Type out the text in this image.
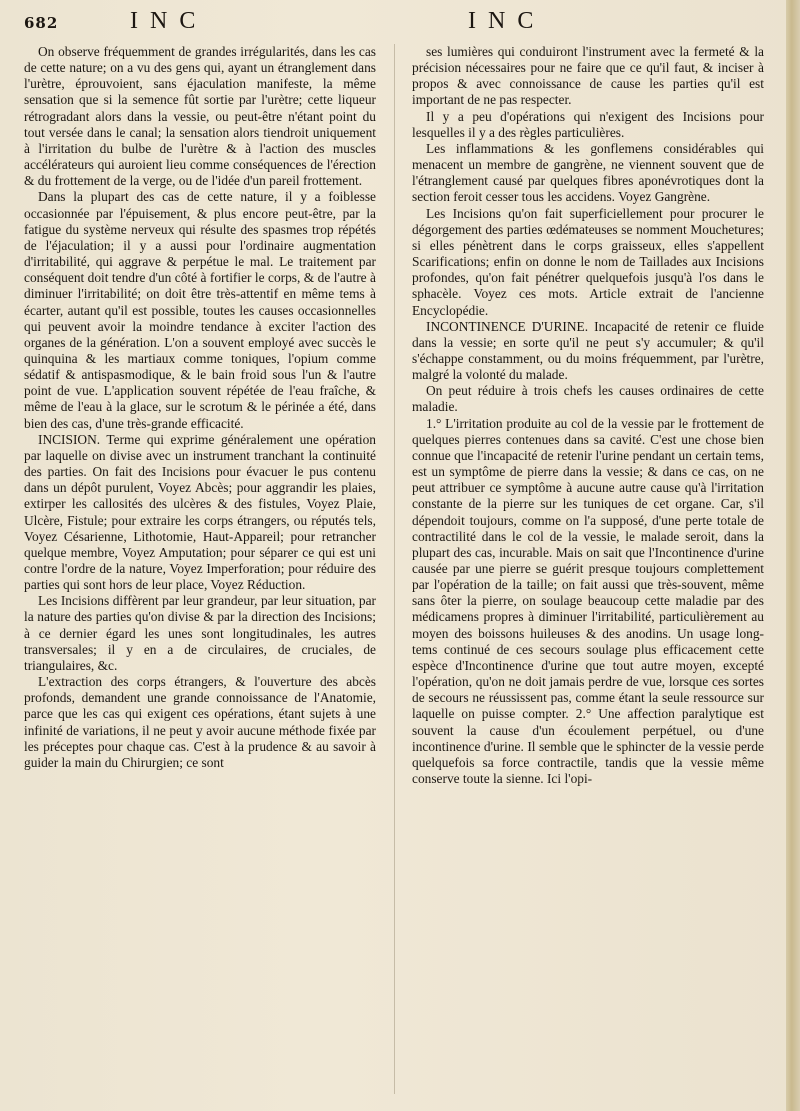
682	I N C	I N C

On observe fréquemment de grandes irrégularités, dans les cas de cette nature; on a vu des gens qui, ayant un étranglement dans l'urètre, éprouvoient, sans éjaculation manifeste, la même sensation que si la semence fût sortie par l'urètre; cette liqueur rétrogradant alors dans la vessie, ou peut-être n'étant point du tout versée dans le canal; la sensation alors tiendroit uniquement à l'irritation du bulbe de l'urètre & à l'action des muscles accélérateurs qui auroient lieu comme conséquences de l'érection & du frottement de la verge, ou de l'idée d'un pareil frottement.

Dans la plupart des cas de cette nature, il y a foiblesse occasionnée par l'épuisement, & plus encore peut-être, par la fatigue du système nerveux qui résulte des spasmes trop répétés de l'éjaculation; il y a aussi pour l'ordinaire augmentation d'irritabilité, qui aggrave & perpétue le mal. Le traitement par conséquent doit tendre d'un côté à fortifier le corps, & de l'autre à diminuer l'irritabilité; on doit être très-attentif en même tems à écarter, autant qu'il est possible, toutes les causes occasionnelles qui peuvent avoir la moindre tendance à exciter l'action des organes de la génération. L'on a souvent employé avec succès le quinquina & les martiaux comme toniques, l'opium comme sédatif & antispasmodique, & le bain froid sous l'un & l'autre point de vue. L'application souvent répétée de l'eau fraîche, & même de l'eau à la glace, sur le scrotum & le périnée a été, dans bien des cas, d'une très-grande efficacité.

INCISION. Terme qui exprime généralement une opération par laquelle on divise avec un instrument tranchant la continuité des parties. On fait des Incisions pour évacuer le pus contenu dans un dépôt purulent, Voyez Abcès; pour aggrandir les plaies, extirper les callosités des ulcères & des fistules, Voyez Plaie, Ulcère, Fistule; pour extraire les corps étrangers, ou réputés tels, Voyez Césarienne, Lithotomie, Haut-Appareil; pour retrancher quelque membre, Voyez Amputation; pour séparer ce qui est uni contre l'ordre de la nature, Voyez Imperforation; pour réduire des parties qui sont hors de leur place, Voyez Réduction.

Les Incisions diffèrent par leur grandeur, par leur situation, par la nature des parties qu'on divise & par la direction des Incisions; à ce dernier égard les unes sont longitudinales, les autres transversales; il y en a de circulaires, de cruciales, de triangulaires, &c.

L'extraction des corps étrangers, & l'ouverture des abcès profonds, demandent une grande connoissance de l'Anatomie, parce que les cas qui exigent ces opérations, étant sujets à une infinité de variations, il ne peut y avoir aucune méthode fixée par les préceptes pour chaque cas. C'est à la prudence & au savoir à guider la main du Chirurgien; ce sont

ses lumières qui conduiront l'instrument avec la fermeté & la précision nécessaires pour ne faire que ce qu'il faut, & inciser à propos & avec connoissance de cause les parties qu'il est important de ne pas respecter.

Il y a peu d'opérations qui n'exigent des Incisions pour lesquelles il y a des règles particulières.

Les inflammations & les gonflemens considérables qui menacent un membre de gangrène, ne viennent souvent que de l'étranglement causé par quelques fibres aponévrotiques dont la section feroit cesser tous les accidens. Voyez Gangrène.

Les Incisions qu'on fait superficiellement pour procurer le dégorgement des parties œdémateuses se nomment Mouchetures; si elles pénètrent dans le corps graisseux, elles s'appellent Scarifications; enfin on donne le nom de Taillades aux Incisions profondes, qu'on fait pénétrer quelquefois jusqu'à l'os dans le sphacèle. Voyez ces mots. Article extrait de l'ancienne Encyclopédie.

INCONTINENCE D'URINE. Incapacité de retenir ce fluide dans la vessie; en sorte qu'il ne peut s'y accumuler; & qu'il s'échappe constamment, ou du moins fréquemment, par l'urètre, malgré la volonté du malade.

On peut réduire à trois chefs les causes ordinaires de cette maladie.

1.° L'irritation produite au col de la vessie par le frottement de quelques pierres contenues dans sa cavité. C'est une chose bien connue que l'incapacité de retenir l'urine pendant un certain tems, est un symptôme de pierre dans la vessie; & dans ce cas, on ne peut attribuer ce symptôme à aucune autre cause qu'à l'irritation constante de la pierre sur les tuniques de cet organe. Car, s'il dépendoit toujours, comme on l'a supposé, d'une perte totale de contractilité dans le col de la vessie, le malade seroit, dans la plupart des cas, incurable. Mais on sait que l'Incontinence d'urine causée par une pierre se guérit presque toujours complettement par l'opération de la taille; on fait aussi que très-souvent, même sans ôter la pierre, on soulage beaucoup cette maladie par des médicamens propres à diminuer l'irritabilité, particulièrement au moyen des boissons huileuses & des anodins. Un usage long-tems continué de ces secours soulage plus efficacement cette espèce d'Incontinence d'urine que tout autre moyen, excepté l'opération, qu'on ne doit jamais perdre de vue, lorsque ces sortes de secours ne réussissent pas, comme étant la seule ressource sur laquelle on puisse compter. 2.° Une affection paralytique est souvent la cause d'un écoulement perpétuel, ou d'une incontinence d'urine. Il semble que le sphincter de la vessie perde quelquefois sa force contractile, tandis que la vessie même conserve toute la sienne. Ici l'opi-
